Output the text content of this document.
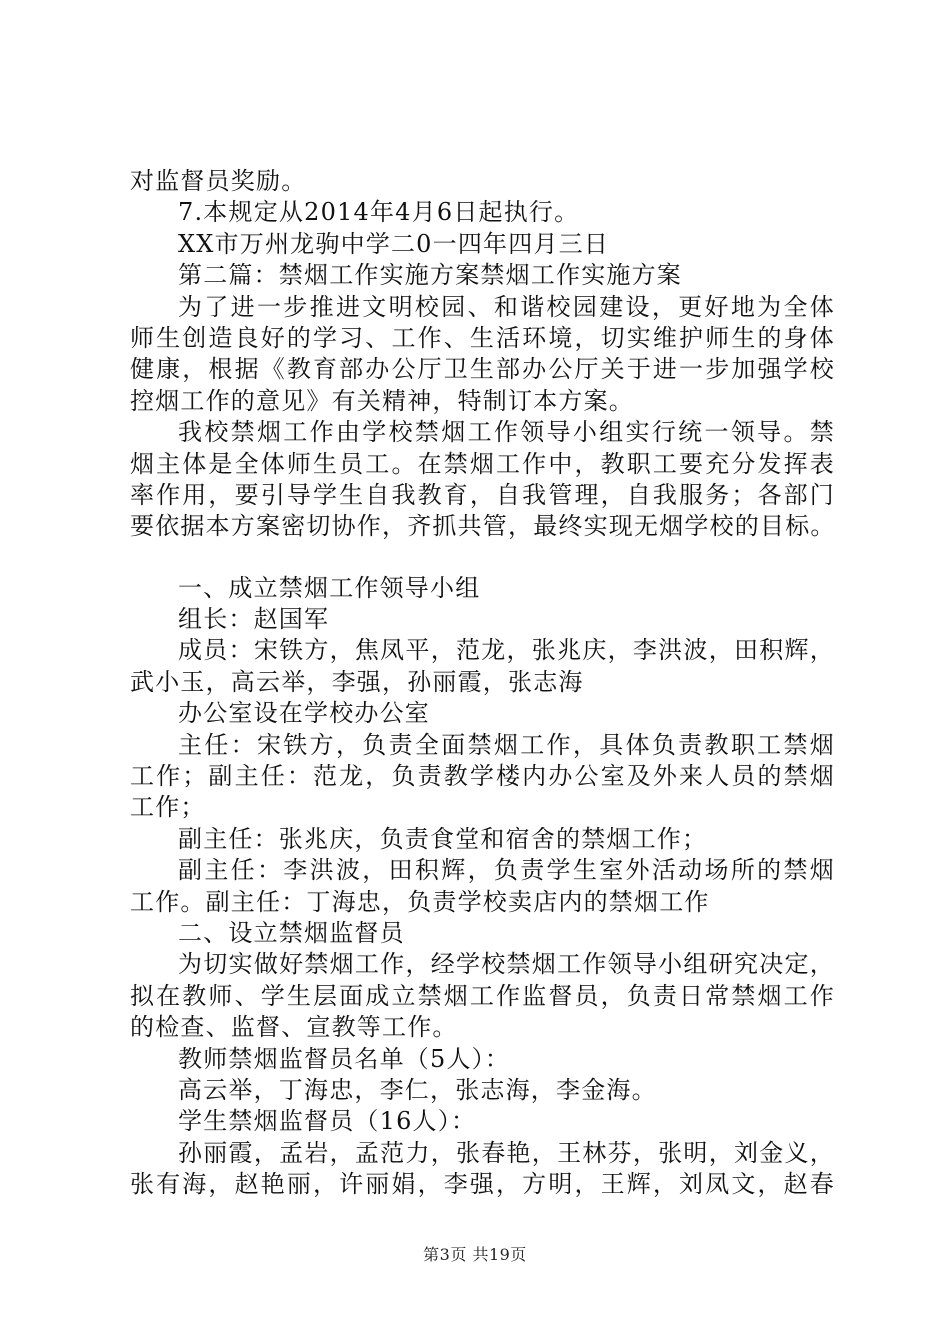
对监督员奖励。
7.本规定从2014年4月6日起执行。
XX市万州龙驹中学二0一四年四月三日
第二篇：禁烟工作实施方案禁烟工作实施方案
为了进一步推进文明校园、和谐校园建设，更好地为全体
师生创造良好的学习、工作、生活环境，切实维护师生的身体
健康，根据《教育部办公厅卫生部办公厅关于进一步加强学校
控烟工作的意见》有关精神，特制订本方案。
我校禁烟工作由学校禁烟工作领导小组实行统一领导。禁
烟主体是全体师生员工。在禁烟工作中，教职工要充分发挥表
率作用，要引导学生自我教育，自我管理，自我服务；各部门
要依据本方案密切协作，齐抓共管，最终实现无烟学校的目标。
一、成立禁烟工作领导小组
组长：赵国军
成员：宋铁方，焦凤平，范龙，张兆庆，李洪波，田积辉，
武小玉，高云举，李强，孙丽霞，张志海
办公室设在学校办公室
主任：宋铁方，负责全面禁烟工作，具体负责教职工禁烟
工作；副主任：范龙，负责教学楼内办公室及外来人员的禁烟
工作；
副主任：张兆庆，负责食堂和宿舍的禁烟工作；
副主任：李洪波，田积辉，负责学生室外活动场所的禁烟
工作。副主任：丁海忠，负责学校卖店内的禁烟工作
二、设立禁烟监督员
为切实做好禁烟工作，经学校禁烟工作领导小组研究决定，
拟在教师、学生层面成立禁烟工作监督员，负责日常禁烟工作
的检查、监督、宣教等工作。
教师禁烟监督员名单（5人）：
高云举，丁海忠，李仁，张志海，李金海。
学生禁烟监督员（16人）：
孙丽霞，孟岩，孟范力，张春艳，王林芬，张明，刘金义，
张有海，赵艳丽，许丽娟，李强，方明，王辉，刘凤文，赵春
第3页 共19页
